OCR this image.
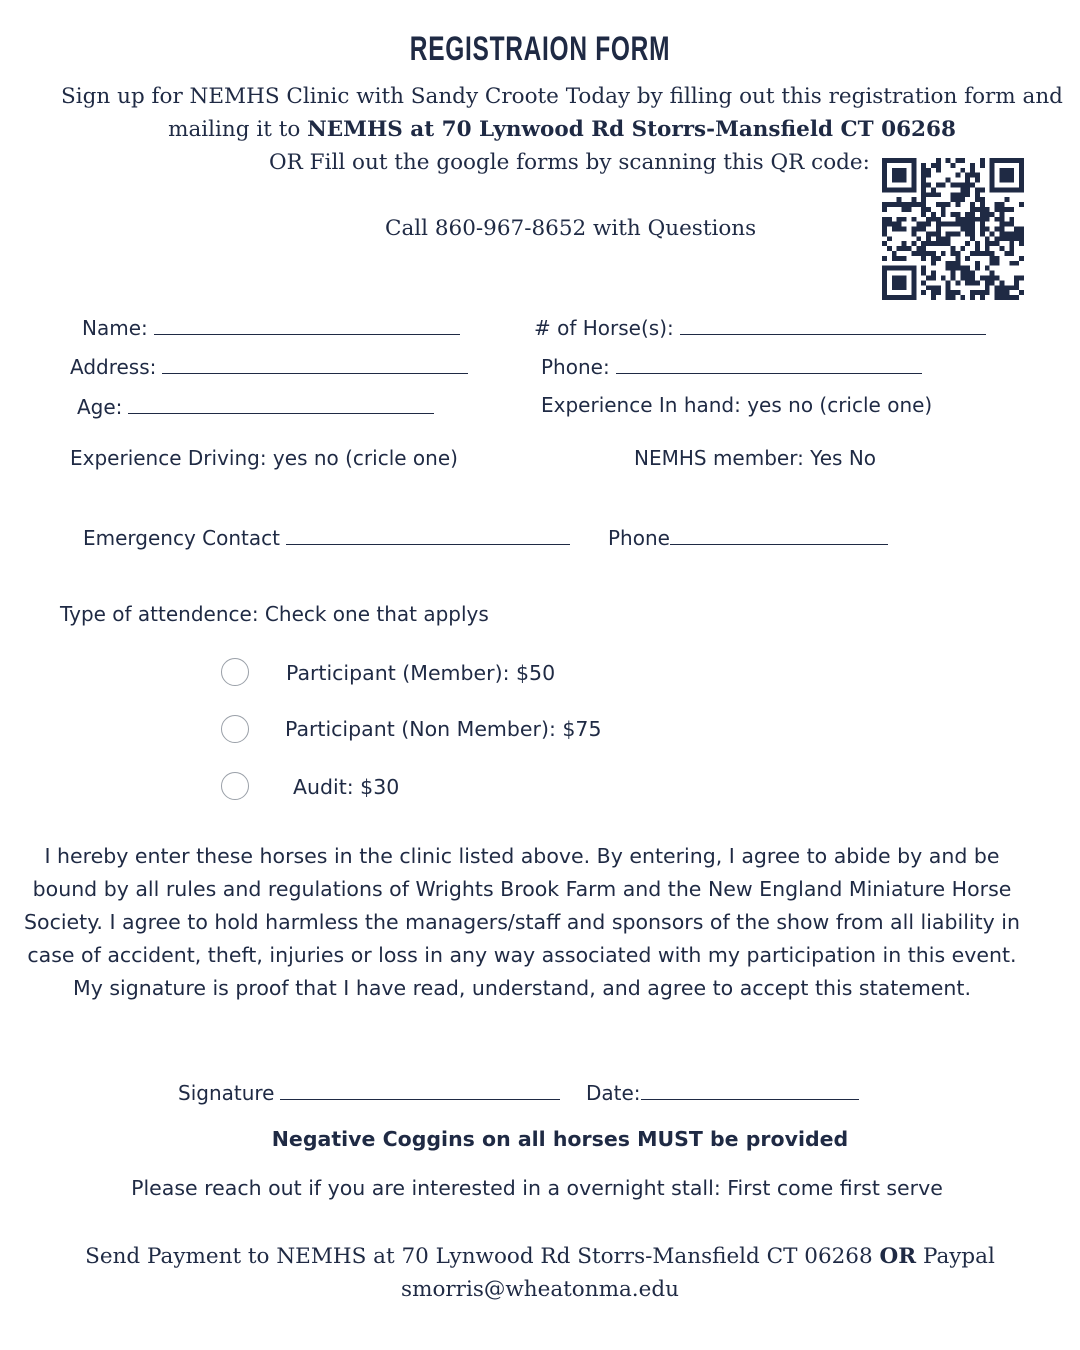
REGISTRAION FORM
Sign up for NEMHS Clinic with Sandy Croote Today by filling out this registration form and
mailing it to NEMHS at 70 Lynwood Rd Storrs-Mansfield CT 06268
OR Fill out the google forms by scanning this QR code:
Call 860-967-8652 with Questions
Name:	# of Horse(s):
Address:	Phone:
Age:	Experience In hand: yes no (cricle one)
Experience Driving: yes no (cricle one)	NEMHS member: Yes No
Emergency Contact	Phone
Type of attendence: Check one that applys
Participant (Member): $50
Participant (Non Member): $75
Audit: $30
I hereby enter these horses in the clinic listed above. By entering, I agree to abide by and be bound by all rules and regulations of Wrights Brook Farm and the New England Miniature Horse Society. I agree to hold harmless the managers/staff and sponsors of the show from all liability in case of accident, theft, injuries or loss in any way associated with my participation in this event. My signature is proof that I have read, understand, and agree to accept this statement.
Signature	Date:
Negative Coggins on all horses MUST be provided
Please reach out if you are interested in a overnight stall: First come first serve
Send Payment to NEMHS at 70 Lynwood Rd Storrs-Mansfield CT 06268 OR Paypal
smorris@wheatonma.edu
